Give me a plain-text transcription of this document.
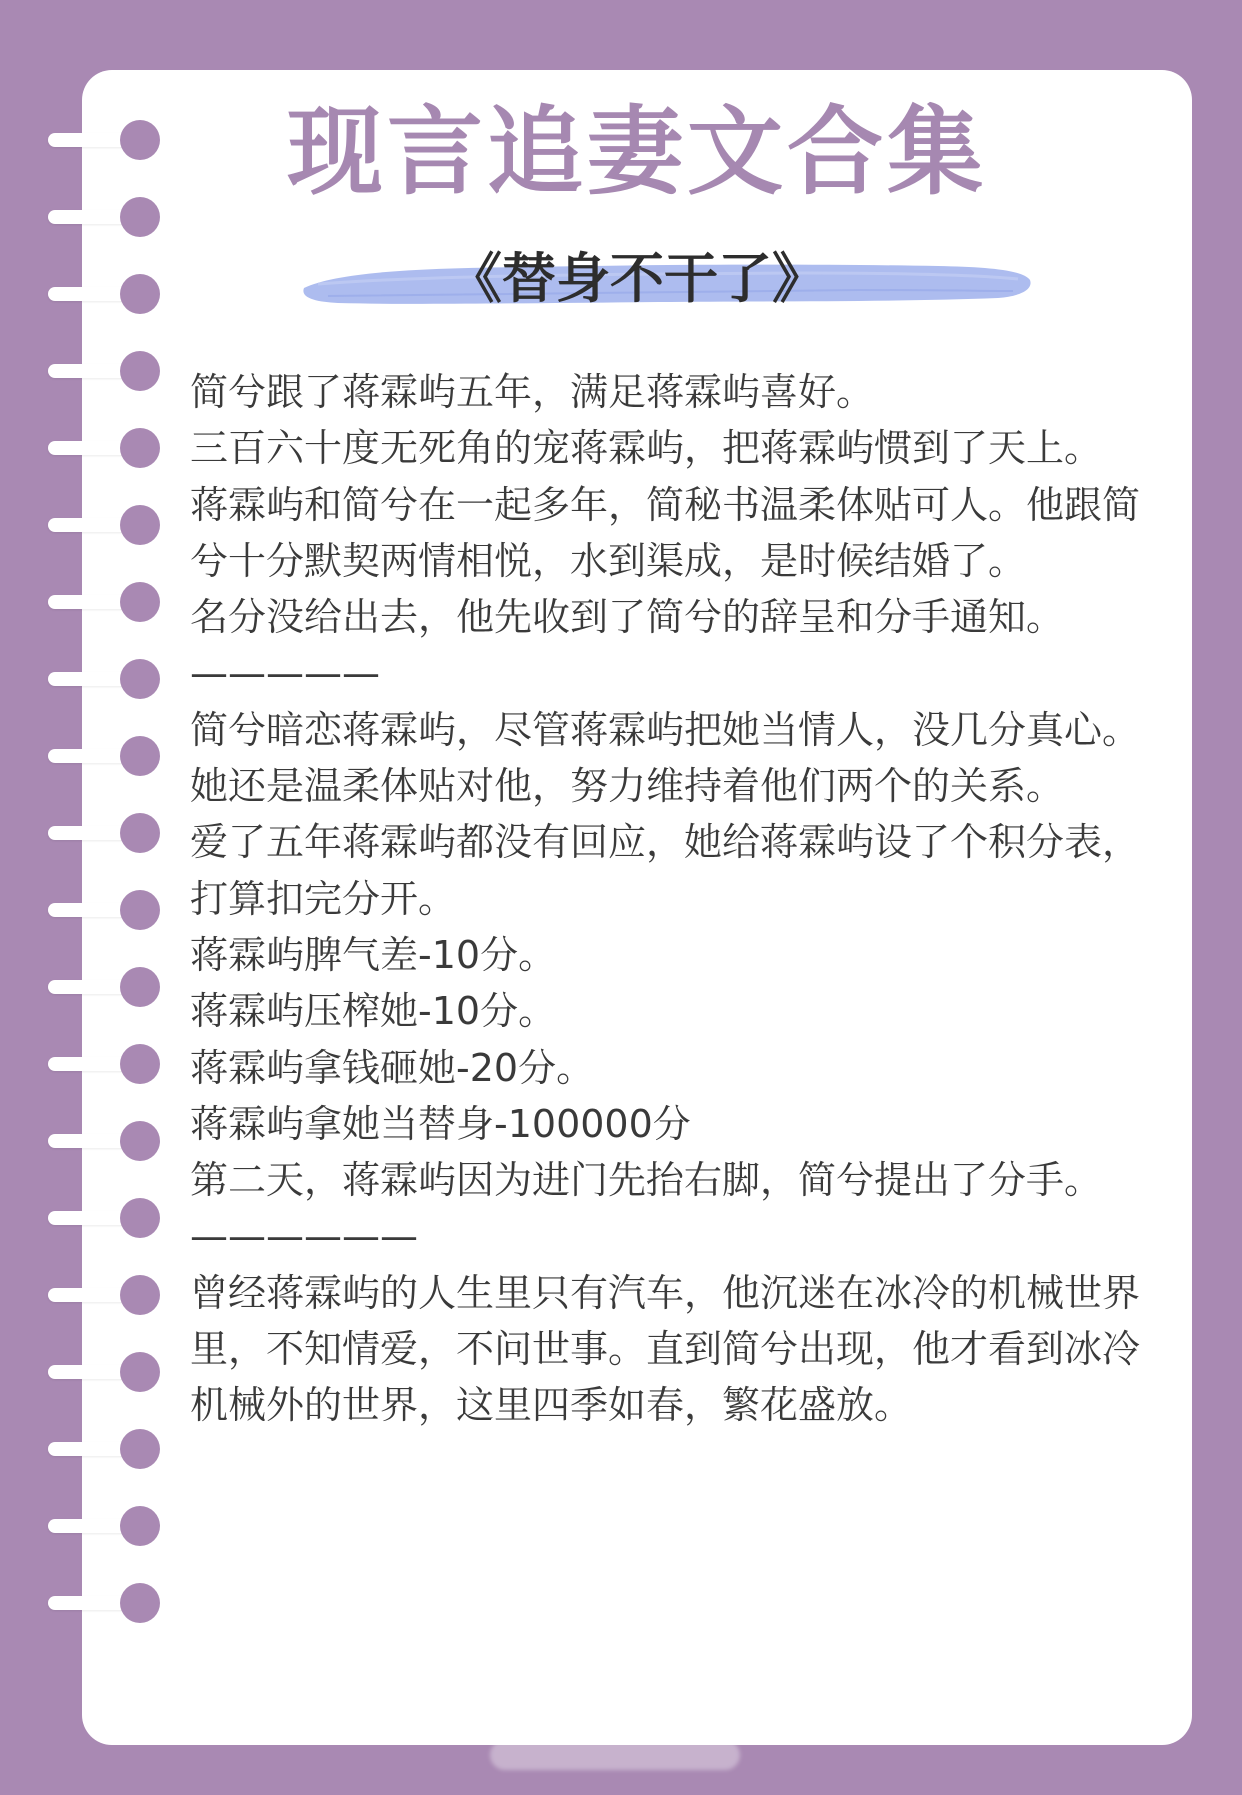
现言追妻文合集
《替身不干了》

简兮跟了蒋霖屿五年，满足蒋霖屿喜好。

三百六十度无死角的宠蒋霖屿，把蒋霖屿惯到了天上。

蒋霖屿和简兮在一起多年，简秘书温柔体贴可人。他跟简兮十分默契两情相悦，水到渠成，是时候结婚了。

名分没给出去，他先收到了简兮的辞呈和分手通知。

—————

简兮暗恋蒋霖屿，尽管蒋霖屿把她当情人，没几分真心。她还是温柔体贴对他，努力维持着他们两个的关系。

爱了五年蒋霖屿都没有回应，她给蒋霖屿设了个积分表，打算扣完分开。

蒋霖屿脾气差-10分。

蒋霖屿压榨她-10分。

蒋霖屿拿钱砸她-20分。

蒋霖屿拿她当替身-100000分

第二天，蒋霖屿因为进门先抬右脚，简兮提出了分手。

——————

曾经蒋霖屿的人生里只有汽车，他沉迷在冰冷的机械世界里，不知情爱，不问世事。直到简兮出现，他才看到冰冷机械外的世界，这里四季如春，繁花盛放。
